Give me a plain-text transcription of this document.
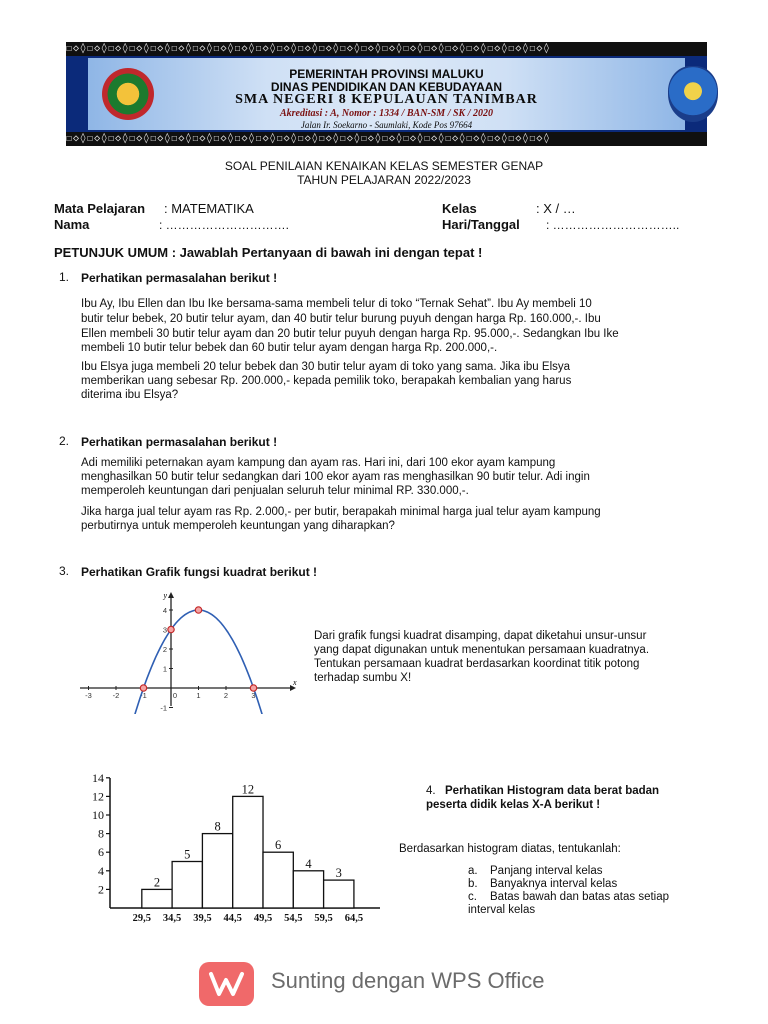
☐◇◊☐◇◊☐◇◊☐◇◊☐◇◊☐◇◊☐◇◊☐◇◊☐◇◊☐◇◊☐◇◊☐◇◊☐◇◊☐◇◊☐◇◊☐◇◊☐◇◊☐◇◊☐◇◊☐◇◊☐◇◊☐◇◊☐◇◊
☐◇◊☐◇◊☐◇◊☐◇◊☐◇◊☐◇◊☐◇◊☐◇◊☐◇◊☐◇◊☐◇◊☐◇◊☐◇◊☐◇◊☐◇◊☐◇◊☐◇◊☐◇◊☐◇◊☐◇◊☐◇◊☐◇◊☐◇◊
PEMERINTAH PROVINSI MALUKU
DINAS PENDIDIKAN DAN KEBUDAYAAN
SMA NEGERI 8 KEPULAUAN TANIMBAR
Akreditasi : A, Nomor : 1334 / BAN-SM / SK / 2020
Jalan Ir. Soekarno - Saumlaki, Kode Pos 97664
SOAL PENILAIAN KENAIKAN KELAS SEMESTER GENAP
TAHUN PELAJARAN 2022/2023
Mata Pelajaran : MATEMATIKA
Nama	: ………………………….
Kelas	: X / …
Hari/Tanggal : …………………………..
PETUNJUK UMUM : Jawablah Pertanyaan di bawah ini dengan tepat !
1. Perhatikan permasalahan berikut !
Ibu Ay, Ibu Ellen dan Ibu Ike bersama-sama membeli telur di toko “Ternak Sehat”. Ibu Ay membeli 10
butir telur bebek, 20 butir telur ayam, dan 40 butir telur burung puyuh dengan harga Rp. 160.000,-. Ibu
Ellen membeli 30 butir telur ayam dan 20 butir telur puyuh dengan harga Rp. 95.000,-. Sedangkan Ibu Ike
membeli 10 butir telur bebek dan 60 butir telur ayam dengan harga Rp. 200.000,-.
Ibu Elsya juga membeli 20 telur bebek dan 30 butir telur ayam di toko yang sama. Jika ibu Elsya
memberikan uang sebesar Rp. 200.000,- kepada pemilik toko, berapakah kembalian yang harus
diterima ibu Elsya?
2. Perhatikan permasalahan berikut !
Adi memiliki peternakan ayam kampung dan ayam ras. Hari ini, dari 100 ekor ayam kampung
menghasilkan 50 butir telur sedangkan dari 100 ekor ayam ras menghasilkan 90 butir telur. Adi ingin
memperoleh keuntungan dari penjualan seluruh telur minimal RP. 330.000,-.
Jika harga jual telur ayam ras Rp. 2.000,- per butir, berapakah minimal harga jual telur ayam kampung
perbutirnya untuk memperoleh keuntungan yang diharapkan?
3. Perhatikan Grafik fungsi kuadrat berikut !
x
y
-3	-2	-1	0	1	2	3
-1
1
2
3
4
Dari grafik fungsi kuadrat disamping, dapat diketahui unsur-unsur
yang dapat digunakan untuk menentukan persamaan kuadratnya.
Tentukan persamaan kuadrat berdasarkan koordinat titik potong
terhadap sumbu X!
2
4
6
8
10
12
14
2
5
8
12
6
4
3
29,5 34,5 39,5 44,5 49,5 54,5 59,5 64,5
4. Perhatikan Histogram data berat badan
peserta didik kelas X-A berikut !
Berdasarkan histogram diatas, tentukanlah:
a. Panjang interval kelas
b. Banyaknya interval kelas
c. Batas bawah dan batas atas setiap
interval kelas
Sunting dengan WPS Office
